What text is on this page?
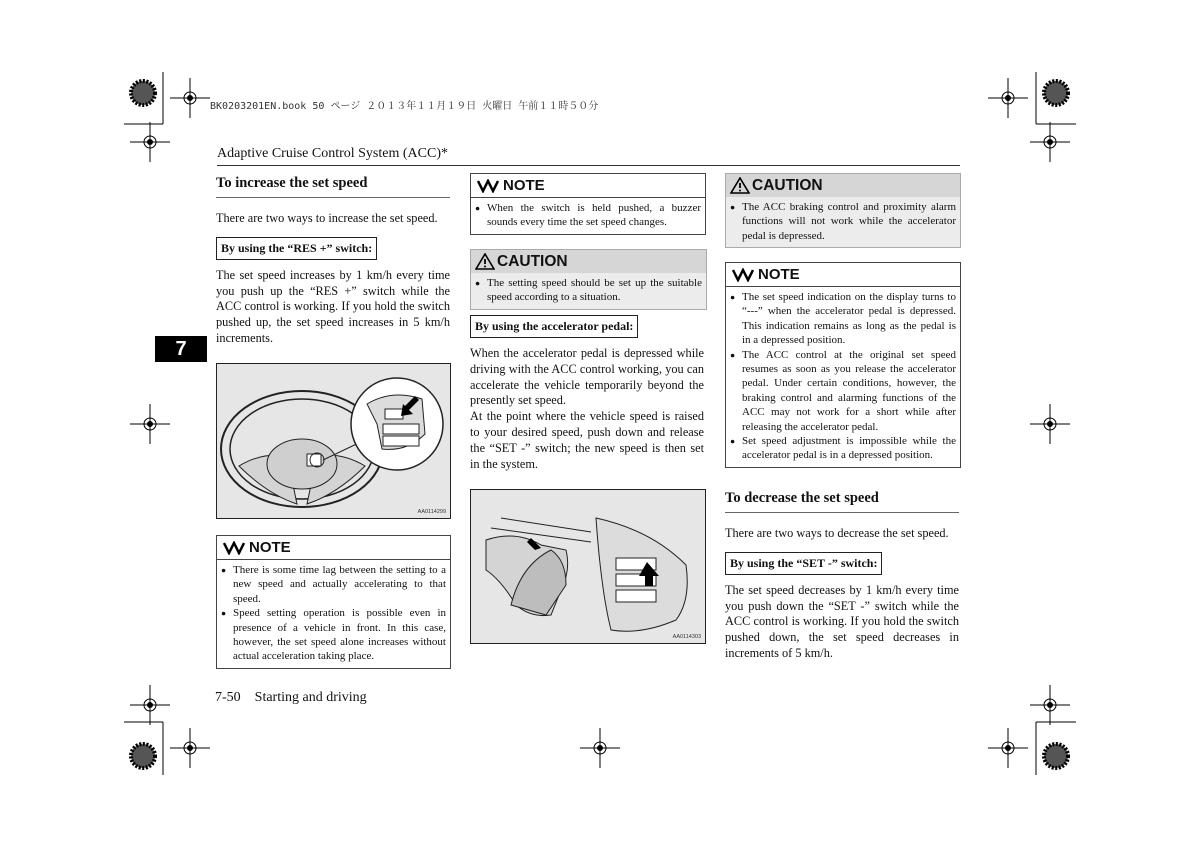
BK0203201EN.book 50 ページ ２０１３年１１月１９日 火曜日 午前１１時５０分
Adaptive Cruise Control System (ACC)*
7
To increase the set speed

There are two ways to increase the set speed.

By using the “RES +” switch:

The set speed increases by 1 km/h every time you push up the “RES +” switch while the ACC control is working. If you hold the switch pushed up, the set speed increases in 5 km/h increments.

AA0114299
NOTE
● There is some time lag between the setting to a new speed and actually accelerating to that speed.
● Speed setting operation is possible even in presence of a vehicle in front. In this case, however, the set speed alone increases without actual acceleration taking place.
NOTE
● When the switch is held pushed, a buzzer sounds every time the set speed changes.
CAUTION
● The setting speed should be set up the suitable speed according to a situation.
By using the accelerator pedal:

When the accelerator pedal is depressed while driving with the ACC control working, you can accelerate the vehicle temporarily beyond the presently set speed.

At the point where the vehicle speed is raised to your desired speed, push down and release the “SET -” switch; the new speed is then set in the system.

AA0114303
CAUTION
● The ACC braking control and proximity alarm functions will not work while the accelerator pedal is depressed.
NOTE
● The set speed indication on the display turns to “---” when the accelerator pedal is depressed. This indication remains as long as the pedal is in a depressed position.
● The ACC control at the original set speed resumes as soon as you release the accelerator pedal. Under certain conditions, however, the braking control and alarming functions of the ACC may not work for a short while after releasing the accelerator pedal.
● Set speed adjustment is impossible while the accelerator pedal is in a depressed position.
To decrease the set speed

There are two ways to decrease the set speed.

By using the “SET -” switch:

The set speed decreases by 1 km/h every time you push down the “SET -” switch while the ACC control is working. If you hold the switch pushed down, the set speed decreases in increments of 5 km/h.

7-50 Starting and driving
